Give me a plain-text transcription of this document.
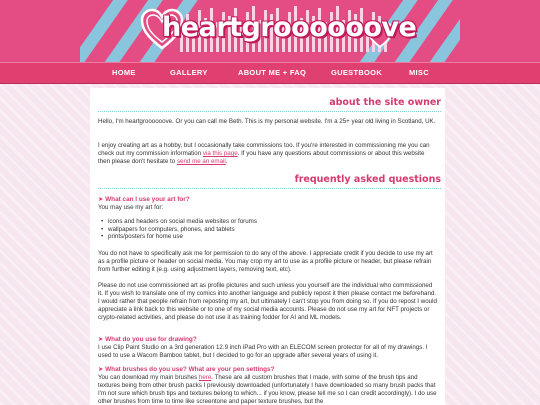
heartgroooooove
HOME	GALLERY	ABOUT ME + FAQ	GUESTBOOK	MISC
about the site owner
Hello, I'm heartgroooooove. Or you can call me Beth. This is my personal website. I'm a 25+ year old living in Scotland, UK.
I enjoy creating art as a hobby, but I occasionally take commissions too. If you're interested in commissioning me you can check out my commission information via this page. If you have any questions about commissions or about this website then please don't hesitate to send me an email.
frequently asked questions
➤ What can I use your art for?
You may use my art for:
• icons and headers on social media websites or forums
• wallpapers for computers, phones, and tablets
• prints/posters for home use
You do not have to specifically ask me for permission to do any of the above. I appreciate credit if you decide to use my art as a profile picture or header on social media. You may crop my art to use as a profile picture or header, but please refrain from further editing it (e.g. using adjustment layers, removing text, etc).
Please do not use commissioned art as profile pictures and such unless you yourself are the individual who commissioned it. If you wish to translate one of my comics into another language and publicly repost it then please contact me beforehand. I would rather that people refrain from reposting my art, but ultimately I can't stop you from doing so. If you do repost I would appreciate a link back to this website or to one of my social media accounts. Please do not use my art for NFT projects or crypto-related activities, and please do not use it as training fodder for AI and ML models.
➤ What do you use for drawing?
I use Clip Paint Studio on a 3rd generation 12.9 inch iPad Pro with an ELECOM screen protector for all of my drawings. I used to use a Wacom Bamboo tablet, but I decided to go for an upgrade after several years of using it.
➤ What brushes do you use? What are your pen settings?
You can download my main brushes here. These are all custom brushes that I made, with some of the brush tips and textures being from other brush packs I previously downloaded (unfortunately I have downloaded so many brush packs that I'm not sure which brush tips and textures belong to which... if you know, please tell me so I can credit accordingly). I do use other brushes from time to time like screentone and paper texture brushes, but the
